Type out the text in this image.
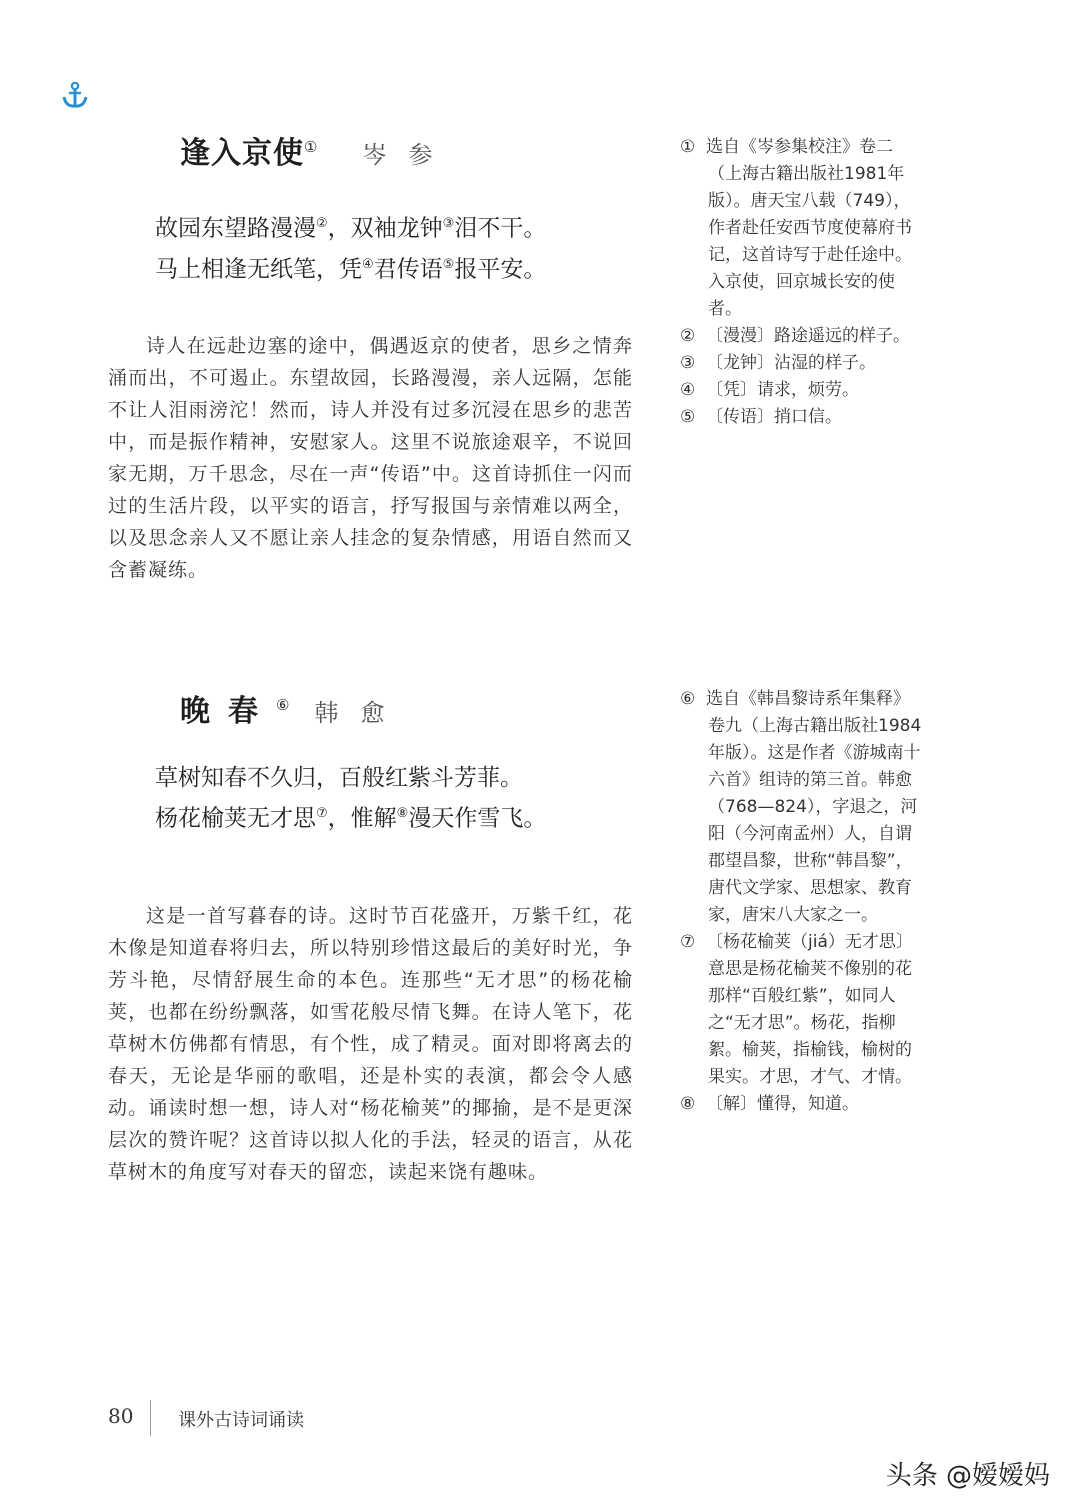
逢入京使① 岑参
故园东望路漫漫②，双袖龙钟③泪不干。
马上相逢无纸笔，凭④君传语⑤报平安。

诗人在远赴边塞的途中，偶遇返京的使者，思乡之情奔涌而出，不可遏止。东望故园，长路漫漫，亲人远隔，怎能不让人泪雨滂沱！然而，诗人并没有过多沉浸在思乡的悲苦中，而是振作精神，安慰家人。这里不说旅途艰辛，不说回家无期，万千思念，尽在一声“传语”中。这首诗抓住一闪而过的生活片段，以平实的语言，抒写报国与亲情难以两全，以及思念亲人又不愿让亲人挂念的复杂情感，用语自然而又含蓄凝练。

① 选自《岑参集校注》卷二（上海古籍出版社1981年版）。唐天宝八载（749），作者赴任安西节度使幕府书记，这首诗写于赴任途中。入京使，回京城长安的使者。

② 〔漫漫〕路途遥远的样子。

③ 〔龙钟〕沾湿的样子。

④ 〔凭〕请求，烦劳。

⑤ 〔传语〕捎口信。

晚春⑥ 韩愈
草树知春不久归，百般红紫斗芳菲。
杨花榆荚无才思⑦，惟解⑧漫天作雪飞。

这是一首写暮春的诗。这时节百花盛开，万紫千红，花木像是知道春将归去，所以特别珍惜这最后的美好时光，争芳斗艳，尽情舒展生命的本色。连那些“无才思”的杨花榆荚，也都在纷纷飘落，如雪花般尽情飞舞。在诗人笔下，花草树木仿佛都有情思，有个性，成了精灵。面对即将离去的春天，无论是华丽的歌唱，还是朴实的表演，都会令人感动。诵读时想一想，诗人对“杨花榆荚”的揶揄，是不是更深层次的赞许呢？这首诗以拟人化的手法，轻灵的语言，从花草树木的角度写对春天的留恋，读起来饶有趣味。

⑥ 选自《韩昌黎诗系年集释》卷九（上海古籍出版社1984年版）。这是作者《游城南十六首》组诗的第三首。韩愈（768—824），字退之，河阳（今河南孟州）人，自谓郡望昌黎，世称“韩昌黎”，唐代文学家、思想家、教育家，唐宋八大家之一。

⑦ 〔杨花榆荚（jiá）无才思〕意思是杨花榆荚不像别的花那样“百般红紫”，如同人之“无才思”。杨花，指柳絮。榆荚，指榆钱，榆树的果实。才思，才气、才情。

⑧ 〔解〕懂得，知道。

80 课外古诗词诵读
头条 @嫒嫒妈
